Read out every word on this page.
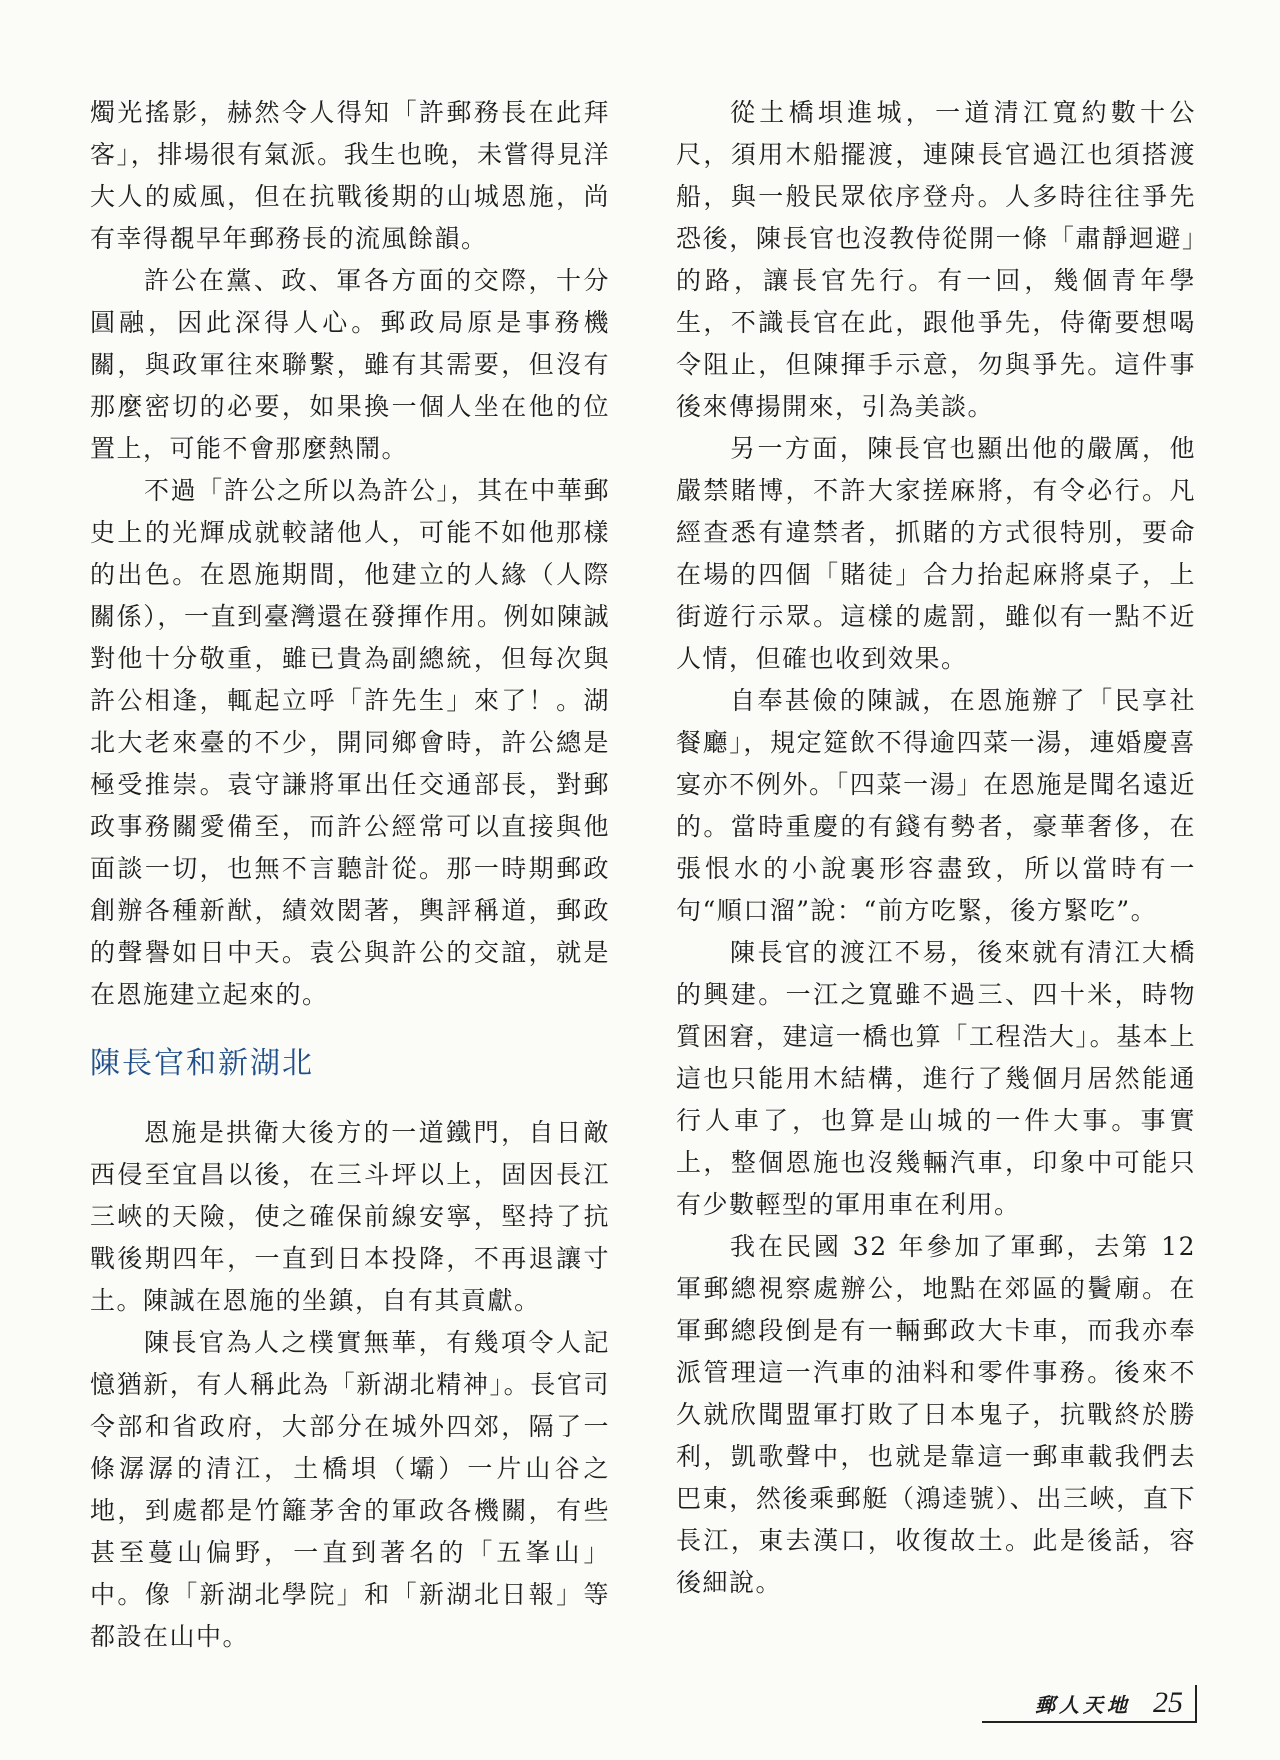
燭光搖影，赫然令人得知「許郵務長在此拜客」，排場很有氣派。我生也晚，未嘗得見洋大人的威風，但在抗戰後期的山城恩施，尚有幸得覩早年郵務長的流風餘韻。

許公在黨、政、軍各方面的交際，十分圓融，因此深得人心。郵政局原是事務機關，與政軍往來聯繫，雖有其需要，但沒有那麼密切的必要，如果換一個人坐在他的位置上，可能不會那麼熱鬧。

不過「許公之所以為許公」，其在中華郵史上的光輝成就較諸他人，可能不如他那樣的出色。在恩施期間，他建立的人緣（人際關係），一直到臺灣還在發揮作用。例如陳誠對他十分敬重，雖已貴為副總統，但每次與許公相逢，輒起立呼「許先生」來了！。湖北大老來臺的不少，開同鄉會時，許公總是極受推崇。袁守謙將軍出任交通部長，對郵政事務關愛備至，而許公經常可以直接與他面談一切，也無不言聽計從。那一時期郵政創辦各種新猷，績效閎著，輿評稱道，郵政的聲譽如日中天。袁公與許公的交誼，就是在恩施建立起來的。

陳長官和新湖北

恩施是拱衛大後方的一道鐵門，自日敵西侵至宜昌以後，在三斗坪以上，固因長江三峽的天險，使之確保前線安寧，堅持了抗戰後期四年，一直到日本投降，不再退讓寸土。陳誠在恩施的坐鎮，自有其貢獻。

陳長官為人之樸實無華，有幾項令人記憶猶新，有人稱此為「新湖北精神」。長官司令部和省政府，大部分在城外四郊，隔了一條潺潺的清江，土橋垻（壩）一片山谷之地，到處都是竹籬茅舍的軍政各機關，有些甚至蔓山偏野，一直到著名的「五峯山」中。像「新湖北學院」和「新湖北日報」等都設在山中。

從土橋垻進城，一道清江寬約數十公尺，須用木船擺渡，連陳長官過江也須搭渡船，與一般民眾依序登舟。人多時往往爭先恐後，陳長官也沒教侍從開一條「肅靜迴避」的路，讓長官先行。有一回，幾個青年學生，不識長官在此，跟他爭先，侍衛要想喝令阻止，但陳揮手示意，勿與爭先。這件事後來傳揚開來，引為美談。

另一方面，陳長官也顯出他的嚴厲，他嚴禁賭博，不許大家搓麻將，有令必行。凡經查悉有違禁者，抓賭的方式很特別，要命在場的四個「賭徒」合力抬起麻將桌子，上街遊行示眾。這樣的處罰，雖似有一點不近人情，但確也收到效果。

自奉甚儉的陳誠，在恩施辦了「民享社餐廳」，規定筵飲不得逾四菜一湯，連婚慶喜宴亦不例外。「四菜一湯」在恩施是聞名遠近的。當時重慶的有錢有勢者，豪華奢侈，在張恨水的小說裏形容盡致，所以當時有一句“順口溜”說：“前方吃緊，後方緊吃”。

陳長官的渡江不易，後來就有清江大橋的興建。一江之寬雖不過三、四十米，時物質困窘，建這一橋也算「工程浩大」。基本上這也只能用木結構，進行了幾個月居然能通行人車了，也算是山城的一件大事。事實上，整個恩施也沒幾輛汽車，印象中可能只有少數輕型的軍用車在利用。

我在民國 32 年參加了軍郵，去第 12 軍郵總視察處辦公，地點在郊區的鬢廟。在軍郵總段倒是有一輛郵政大卡車，而我亦奉派管理這一汽車的油料和零件事務。後來不久就欣聞盟軍打敗了日本鬼子，抗戰終於勝利，凱歌聲中，也就是靠這一郵車載我們去巴東，然後乘郵艇（鴻逵號）、出三峽，直下長江，東去漢口，收復故土。此是後話，容後細說。

郵人天地 25
